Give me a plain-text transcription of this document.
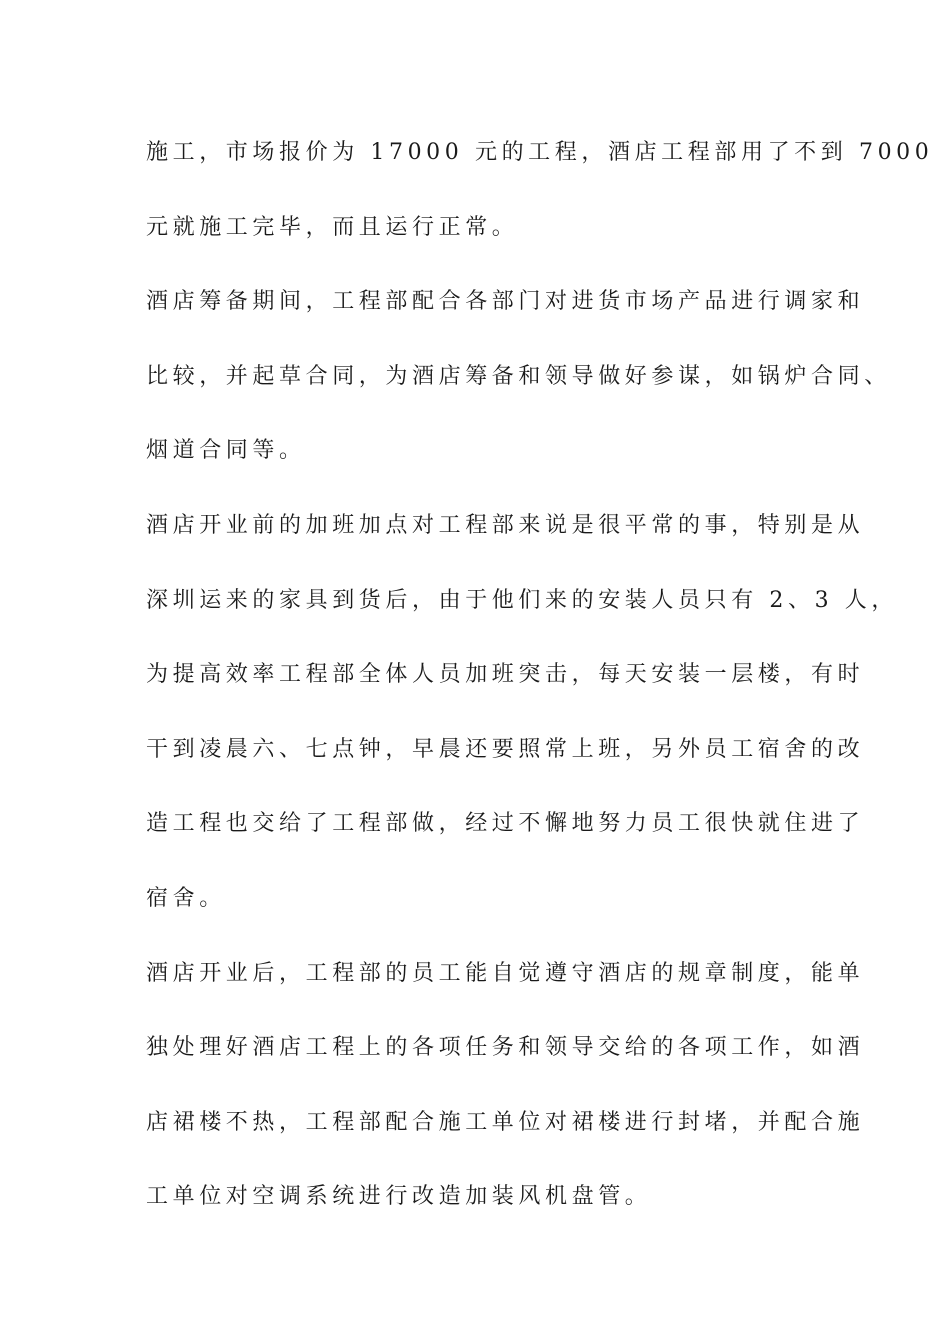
施工，市场报价为 17000 元的工程，酒店工程部用了不到 7000
元就施工完毕，而且运行正常。
酒店筹备期间，工程部配合各部门对进货市场产品进行调家和
比较，并起草合同，为酒店筹备和领导做好参谋，如锅炉合同、
烟道合同等。
酒店开业前的加班加点对工程部来说是很平常的事，特别是从
深圳运来的家具到货后，由于他们来的安装人员只有 2、3 人，
为提高效率工程部全体人员加班突击，每天安装一层楼，有时
干到凌晨六、七点钟，早晨还要照常上班，另外员工宿舍的改
造工程也交给了工程部做，经过不懈地努力员工很快就住进了
宿舍。
酒店开业后，工程部的员工能自觉遵守酒店的规章制度，能单
独处理好酒店工程上的各项任务和领导交给的各项工作，如酒
店裙楼不热，工程部配合施工单位对裙楼进行封堵，并配合施
工单位对空调系统进行改造加装风机盘管。
